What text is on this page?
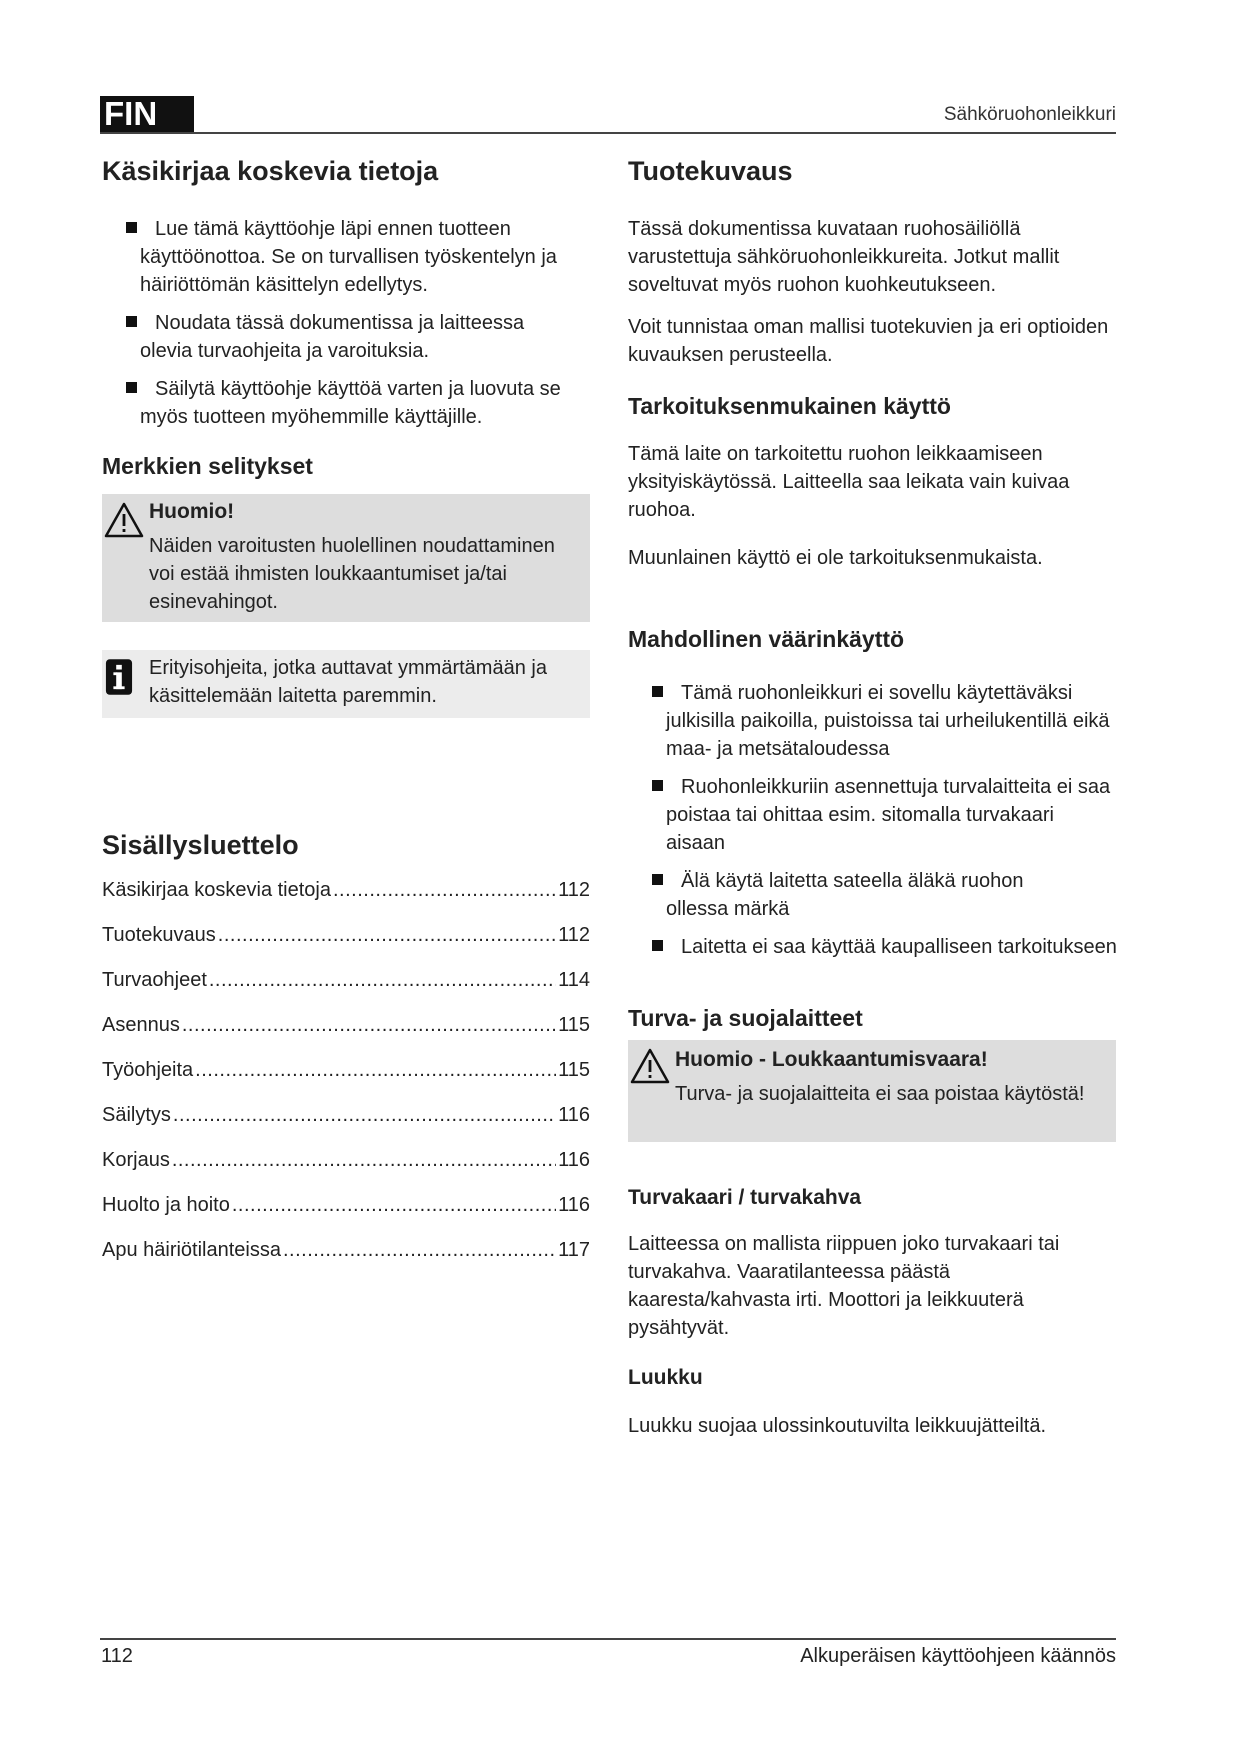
FIN	Sähköruohonleikkuri
Käsikirjaa koskevia tietoja
Lue tämä käyttöohje läpi ennen tuotteen käyttöönottoa. Se on turvallisen työskentelyn ja häiriöttömän käsittelyn edellytys.
Noudata tässä dokumentissa ja laitteessa olevia turvaohjeita ja varoituksia.
Säilytä käyttöohje käyttöä varten ja luovuta se myös tuotteen myöhemmille käyttäjille.
Merkkien selitykset
Huomio!

Näiden varoitusten huolellinen noudattaminen voi estää ihmisten loukkaantumiset ja/tai esinevahingot.

Erityisohjeita, jotka auttavat ymmärtämään ja käsittelemään laitetta paremmin.

Sisällysluettelo
Käsikirjaa koskevia tietoja .....	112
Tuotekuvaus .....	112
Turvaohjeet .....	114
Asennus .....	115
Työohjeita .....	115
Säilytys .....	116
Korjaus .....	116
Huolto ja hoito .....	116
Apu häiriötilanteissa .....	117
Tuotekuvaus

Tässä dokumentissa kuvataan ruohosäiliöllä varustettuja sähköruohonleikkureita. Jotkut mallit soveltuvat myös ruohon kuohkeutukseen.

Voit tunnistaa oman mallisi tuotekuvien ja eri optioiden kuvauksen perusteella.

Tarkoituksenmukainen käyttö

Tämä laite on tarkoitettu ruohon leikkaamiseen yksityiskäytössä. Laitteella saa leikata vain kuivaa ruohoa.

Muunlainen käyttö ei ole tarkoituksenmukaista.

Mahdollinen väärinkäyttö
Tämä ruohonleikkuri ei sovellu käytettäväksi julkisilla paikoilla, puistoissa tai urheilukentillä eikä maa- ja metsätaloudessa
Ruohonleikkuriin asennettuja turvalaitteita ei saa poistaa tai ohittaa esim. sitomalla turvakaari aisaan
Älä käytä laitetta sateella äläkä ruohon ollessa märkä
Laitetta ei saa käyttää kaupalliseen tarkoitukseen
Turva- ja suojalaitteet
Huomio - Loukkaantumisvaara!

Turva- ja suojalaitteita ei saa poistaa käytöstä!

Turvakaari / turvakahva

Laitteessa on mallista riippuen joko turvakaari tai turvakahva. Vaaratilanteessa päästä kaaresta/kahvasta irti. Moottori ja leikkuuterä pysähtyvät.

Luukku

Luukku suojaa ulossinkoutuvilta leikkuujätteiltä.

112	Alkuperäisen käyttöohjeen käännös
